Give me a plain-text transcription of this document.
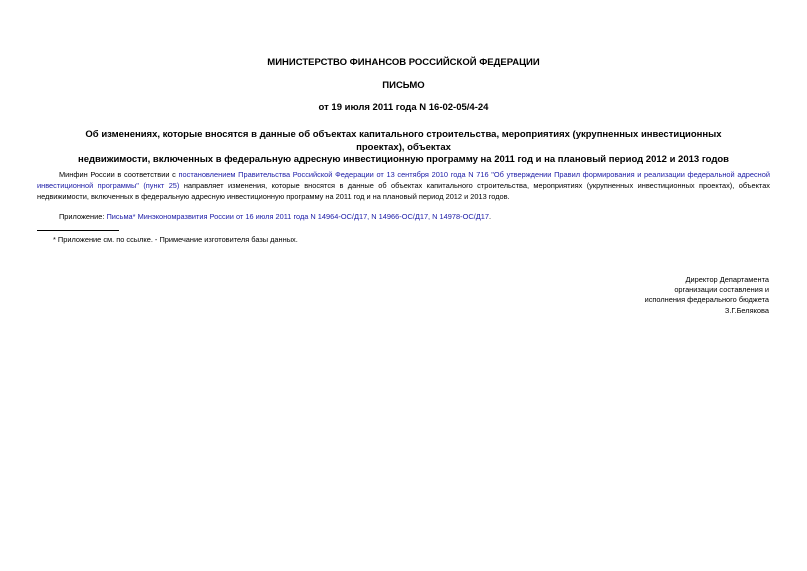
МИНИСТЕРСТВО ФИНАНСОВ РОССИЙСКОЙ ФЕДЕРАЦИИ
ПИСЬМО
от 19 июля 2011 года N 16-02-05/4-24
Об изменениях, которые вносятся в данные об объектах капитального строительства, мероприятиях (укрупненных инвестиционных проектах), объектах
недвижимости, включенных в федеральную адресную инвестиционную программу на 2011 год и на плановый период 2012 и 2013 годов
Минфин России в соответствии с постановлением Правительства Российской Федерации от 13 сентября 2010 года N 716 "Об утверждении Правил формирования и реализации федеральной адресной инвестиционной программы" (пункт 25) направляет изменения, которые вносятся в данные об объектах капитального строительства, мероприятиях (укрупненных инвестиционных проектах), объектах недвижимости, включенных в федеральную адресную инвестиционную программу на 2011 год и на плановый период 2012 и 2013 годов.
Приложение: Письма* Минэкономразвития России от 16 июля 2011 года N 14964-ОС/Д17, N 14966-ОС/Д17, N 14978-ОС/Д17.
* Приложение см. по ссылке. - Примечание изготовителя базы данных.
Директор Департамента
организации составления и
исполнения федерального бюджета
З.Г.Белякова
